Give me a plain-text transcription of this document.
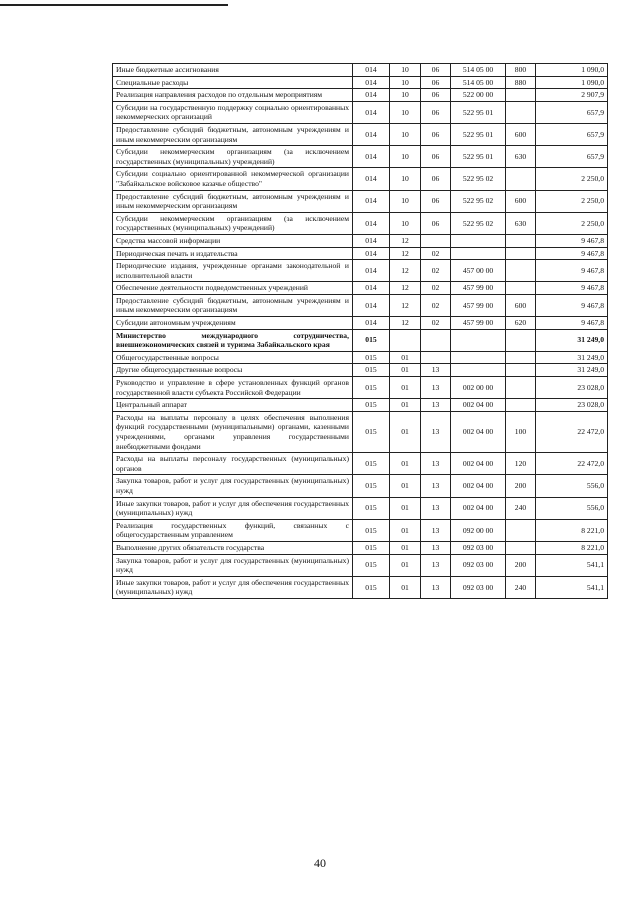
Иные бюджетные ассигнования	014	10	06	514 05 00	800	1 090,0
Специальные расходы	014	10	06	514 05 00	880	1 090,0
Реализация направления расходов по отдельным мероприятиям	014	10	06	522 00 00		2 907,9
Субсидии на государственную поддержку социально ориентированных некоммерческих организаций	014	10	06	522 95 01		657,9
Предоставление субсидий бюджетным, автономным учреждениям и иным некоммерческим организациям	014	10	06	522 95 01	600	657,9
Субсидии некоммерческим организациям (за исключением государственных (муниципальных) учреждений)	014	10	06	522 95 01	630	657,9
Субсидии социально ориентированной некоммерческой организации "Забайкальское войсковое казачье общество"	014	10	06	522 95 02		2 250,0
Предоставление субсидий бюджетным, автономным учреждениям и иным некоммерческим организациям	014	10	06	522 95 02	600	2 250,0
Субсидии некоммерческим организациям (за исключением государственных (муниципальных) учреждений)	014	10	06	522 95 02	630	2 250,0
Средства массовой информации	014	12				9 467,8
Периодическая печать и издательства	014	12	02			9 467,8
Периодические издания, учрежденные органами законодательной и исполнительной власти	014	12	02	457 00 00		9 467,8
Обеспечение деятельности подведомственных учреждений	014	12	02	457 99 00		9 467,8
Предоставление субсидий бюджетным, автономным учреждениям и иным некоммерческим организациям	014	12	02	457 99 00	600	9 467,8
Субсидии автономным учреждениям	014	12	02	457 99 00	620	9 467,8
Министерство международного сотрудничества, внешнеэкономических связей и туризма Забайкальского края	015					31 249,0
Общегосударственные вопросы	015	01				31 249,0
Другие общегосударственные вопросы	015	01	13			31 249,0
Руководство и управление в сфере установленных функций органов государственной власти субъекта Российской Федерации	015	01	13	002 00 00		23 028,0
Центральный аппарат	015	01	13	002 04 00		23 028,0
Расходы на выплаты персоналу в целях обеспечения выполнения функций государственными (муниципальными) органами, казенными учреждениями, органами управления государственными внебюджетными фондами	015	01	13	002 04 00	100	22 472,0
Расходы на выплаты персоналу государственных (муниципальных) органов	015	01	13	002 04 00	120	22 472,0
Закупка товаров, работ и услуг для государственных (муниципальных) нужд	015	01	13	002 04 00	200	556,0
Иные закупки товаров, работ и услуг для обеспечения государственных (муниципальных) нужд	015	01	13	002 04 00	240	556,0
Реализация государственных функций, связанных с общегосударственным управлением	015	01	13	092 00 00		8 221,0
Выполнение других обязательств государства	015	01	13	092 03 00		8 221,0
Закупка товаров, работ и услуг для государственных (муниципальных) нужд	015	01	13	092 03 00	200	541,1
Иные закупки товаров, работ и услуг для обеспечения государственных (муниципальных) нужд	015	01	13	092 03 00	240	541,1
40
